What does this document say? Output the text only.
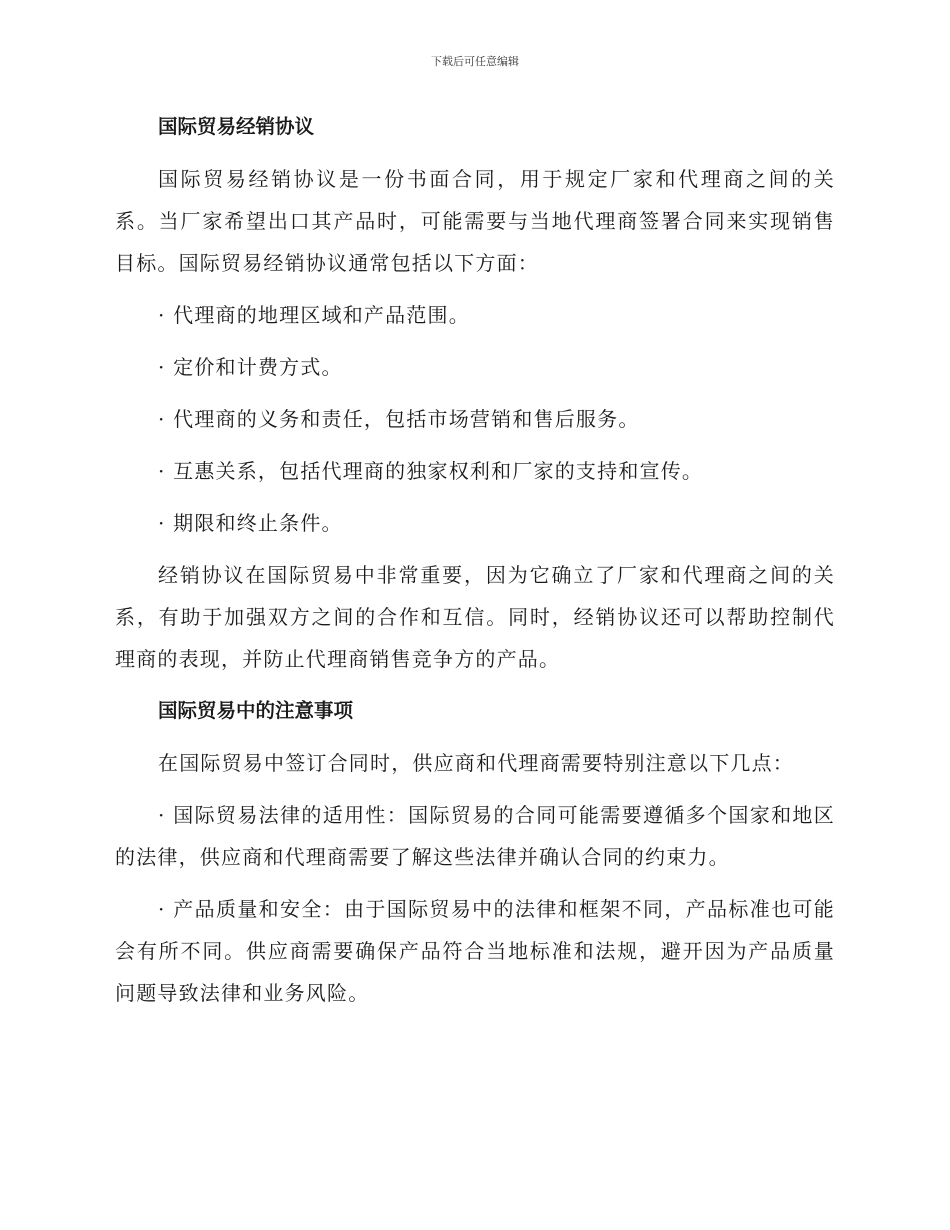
下载后可任意编辑
国际贸易经销协议
国际贸易经销协议是一份书面合同，用于规定厂家和代理商之间的关系。当厂家希望出口其产品时，可能需要与当地代理商签署合同来实现销售目标。国际贸易经销协议通常包括以下方面：
· 代理商的地理区域和产品范围。
· 定价和计费方式。
· 代理商的义务和责任，包括市场营销和售后服务。
· 互惠关系，包括代理商的独家权利和厂家的支持和宣传。
· 期限和终止条件。
经销协议在国际贸易中非常重要，因为它确立了厂家和代理商之间的关系，有助于加强双方之间的合作和互信。同时，经销协议还可以帮助控制代理商的表现，并防止代理商销售竞争方的产品。
国际贸易中的注意事项
在国际贸易中签订合同时，供应商和代理商需要特别注意以下几点：
· 国际贸易法律的适用性：国际贸易的合同可能需要遵循多个国家和地区的法律，供应商和代理商需要了解这些法律并确认合同的约束力。
· 产品质量和安全：由于国际贸易中的法律和框架不同，产品标准也可能会有所不同。供应商需要确保产品符合当地标准和法规，避开因为产品质量问题导致法律和业务风险。
